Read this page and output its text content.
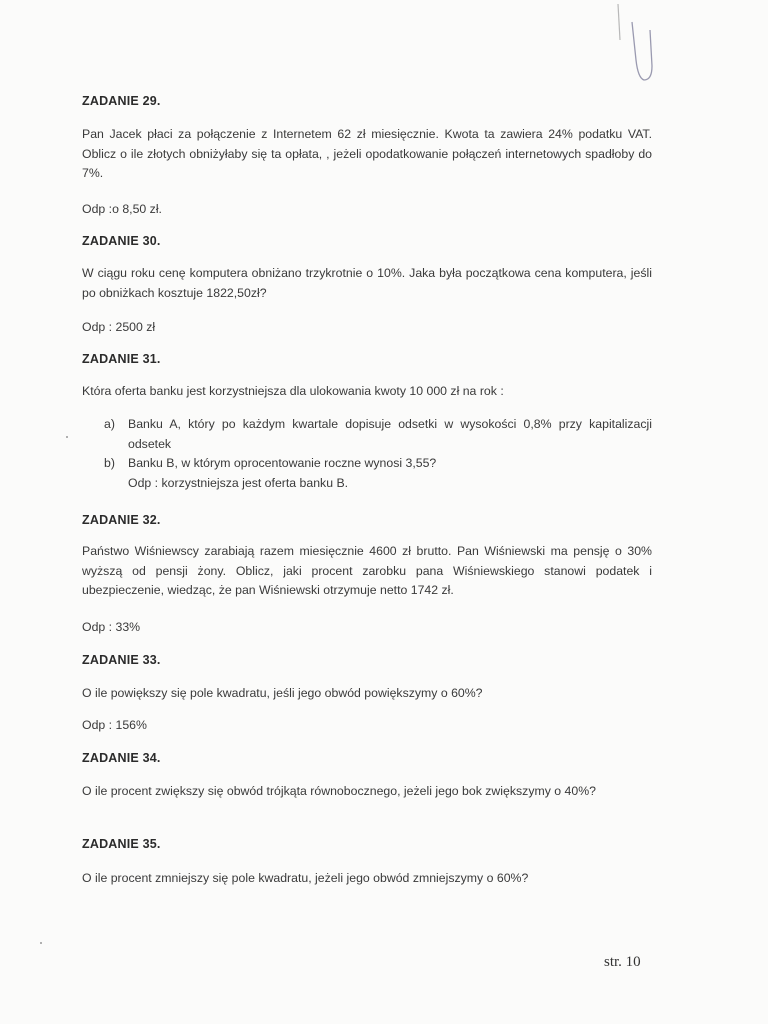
ZADANIE 29.
Pan Jacek płaci za połączenie z Internetem 62 zł miesięcznie. Kwota ta zawiera 24% podatku VAT. Oblicz o ile złotych obniżyłaby się ta opłata, , jeżeli opodatkowanie połączeń internetowych spadłoby do 7%.
Odp :o 8,50 zł.
ZADANIE 30.
W ciągu roku cenę komputera obniżano trzykrotnie o 10%. Jaka była początkowa cena komputera, jeśli po obniżkach kosztuje 1822,50zł?
Odp : 2500 zł
ZADANIE 31.
Która oferta banku jest korzystniejsza dla ulokowania kwoty 10 000 zł na rok :
a)	Banku A, który po każdym kwartale dopisuje odsetki w wysokości 0,8% przy kapitalizacji odsetek
b)	Banku B, w którym oprocentowanie roczne wynosi 3,55?
Odp : korzystniejsza jest oferta banku B.
ZADANIE 32.
Państwo Wiśniewscy zarabiają razem miesięcznie 4600 zł brutto. Pan Wiśniewski ma pensję o 30% wyższą od pensji żony. Oblicz, jaki procent zarobku pana Wiśniewskiego stanowi podatek i ubezpieczenie, wiedząc, że pan Wiśniewski otrzymuje netto 1742 zł.
Odp : 33%
ZADANIE 33.
O ile powiększy się pole kwadratu, jeśli jego obwód powiększymy o 60%?
Odp : 156%
ZADANIE 34.
O ile procent zwiększy się obwód trójkąta równobocznego, jeżeli jego bok zwiększymy o 40%?
ZADANIE 35.
O ile procent zmniejszy się pole kwadratu, jeżeli jego obwód zmniejszymy o 60%?
str. 10
